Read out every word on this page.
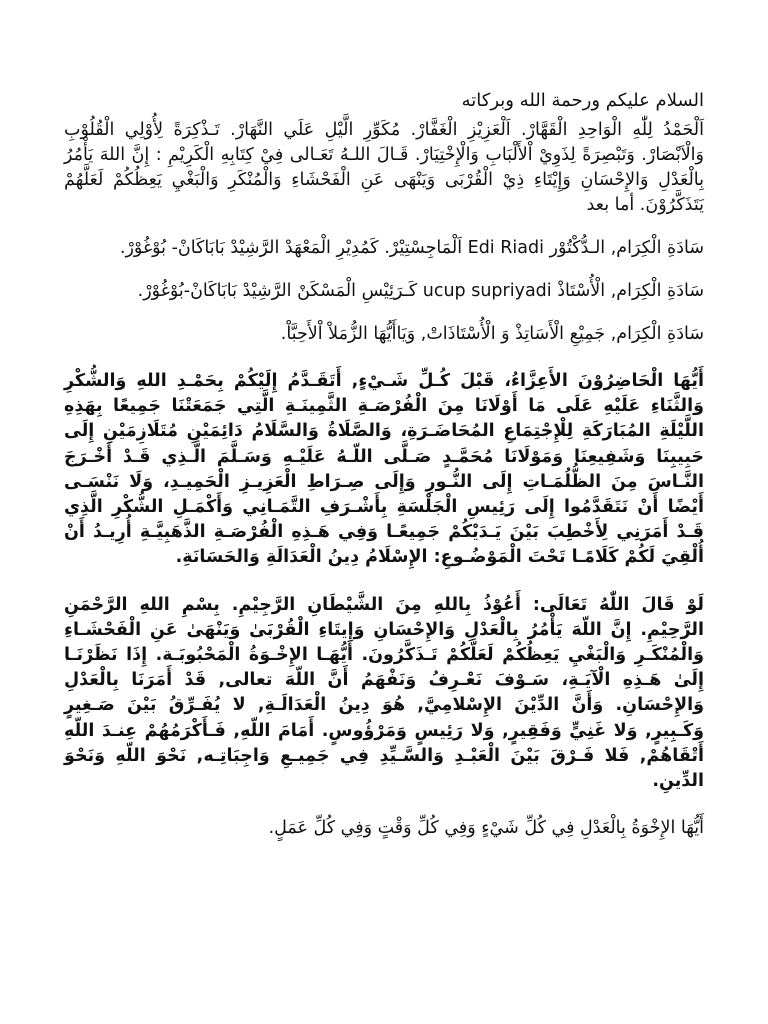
السلام عليكم ورحمة الله وبركاته

اَلْحَمْدُ لِلّٰهِ الْوَاحِدِ الْقَهَّارْ. اَلْعَزِيْزِ الْغَفَّارْ. مُكَوِّرِ الَّيْلِ عَلَي النَّهَارْ. تَـذْكِرَةً لِأُوْلِي الْقُلُوْبِ وَالْاَبْصَارْ. وَتَبْصِرَةً لِذَوِيْ اْلأَلْبَابِ وَالْإِخْتِيَارْ. قَـالَ اللـهُ تَعَـالى فِيْ كِتَابِهِ الْكَرِيْمِ : إِنَّ اللهَ يَأْمُرُ بِالْعَدْلِ وَالإِحْسَانِ وَإِيْتَاءِ ذِيْ الْقُرْبَى وَيَنْهَى عَنِ الْفَحْشَاءِ وَالْمُنْكَرِ وَالْبَغْيِ يَعِظُكُمْ لَعَلَّهُمْ يَتَذَكَّرُوْنَ. أما بعد

سَادَةِ الْكِرَام, الـدُّكْتُوْر Edi Riadi اَلْمَاجِسْتِيْرْ. كَمُدِيْرِ الْمَعْهَدْ الرَّشِيْدْ بَابَاكَانْ- بُوْغُوْرْ.

سَادَةِ الْكِرَام, الْأُسْتَاذْ ucup supriyadi كَـرَئِيْسِ الْمَسْكَنْ الرَّشِيْدْ بَابَاكَانْ-بُوْغُوْرْ.

سَادَةِ الْكِرَام, جَمِيْعِ الْأَسَاتِذْ وَ الْأُسْتَاذَاتْ, وَيَاأَيُّهَا الزُّمَلاْ اْلأَحِبَّاْ.

أَيُّهَا الْحَاضِرُوْنَ الأَعِزَّاءُ، قَبْلَ كُـلِّ شَـيْءٍ, أَتَقَـدَّمُ إِلَيْكُمْ بِحَمْـدِ اللهِ وَالشُّكْرِ وَالثَّنَاءِ عَلَيْهِ عَلَى مَا أَوْلَانَا مِنَ الْفُرْصَـةِ الثَّمِينَـةِ الَّتِي جَمَعَتْنَا جَمِيعًا بِهَذِهِ اللَّيْلَةِ المُبَارَكَةِ لِلْإِجْتِمَاعِ المُحَاضَـرَةِ، وَالصَّلَاةُ وَالسَّلَامُ دَائِمَيْنِ مُتَلَازِمَيْنِ إِلَى حَبِيبِنَا وَشَفِيعِنَا وَمَوْلَانَا مُحَمَّـدٍ صَـلَّى اللّـهُ عَلَيْـهِ وَسَـلَّمَ الَّـذِي قَـدْ أَخْـرَجَ النَّـاسَ مِنَ الظُّلُمَـاتِ إِلَى النُّـورِ وَإِلَى صِـرَاطِ الْعَزِيـزِ الْحَمِيـدِ، وَلَا نَنْسَـى أَيْضًا أَنْ نَتَقَدَّمُوا إِلَى رَئِيسِ الْجَلْسَةِ بِأَشْـرَفِ التَّمَـانِي وَأَكْمَـلِ الشُّكْرِ الَّذِي قَـدْ أَمَرَنِي لِأَخْطِبَ بَيْنَ يَـدَيْكُمْ جَمِيعًـا وَفِي هَـذِهِ الْفُرْصَـةِ الذَّهَبِيَّـةِ أُرِيـدُ أَنْ أُلْقِيَ لَكُمْ كَلَامًـا تَحْتَ الْمَوْضُـوعِ: الإِسْلَامُ دِينُ الْعَدَالَةِ وَالحَسَانَةِ.

لَوْ قَالَ اللّٰهُ تَعَالَى: أَعُوْذُ بِاللهِ مِنَ الشَّيْطَانِ الرَّجِيْمِ. بِسْمِ اللهِ الرَّحْمَنِ الرَّحِيْمِ. إِنَّ اللّهَ يَأْمُرُ بِالْعَدْلِ وَالإِحْسَانِ وَإِيتَاءِ الْقُرْبَىٰ وَيَنْهَىٰ عَنِ الْفَحْشَـاءِ وَالْمُنْكَـرِ وَالْبَغْيِ يَعِظُكُمْ لَعَلَّكُمْ تَـذَكَّرُونَ. أَيُّهَـا الإِخْـوَةُ الْمَحْبُوبَـة. إِذَا نَظَرْنَـا إِلَىٰ هَـذِهِ الْآيَـةِ، سَـوْفَ نَعْـرِفُ وَنَفْهَمُ أَنَّ اللّهَ تعالى, قَدْ أَمَرَنَا بِالْعَدْلِ وَالإِحْسَانِ. وَأَنَّ الدِّيْنَ الإِسْلامِيَّ, هُوَ دِينُ الْعَدَالَـةِ, لا يُفَـرِّقُ بَيْنَ صَـغِيرٍ وَكَـبِيرٍ, وَلا غَنِيٍّ وَفَقِيرٍ, وَلا رَئِيسٍ وَمَرْؤُوسٍ. أَمَامَ اللّهِ, فَـأَكْرَمُهُمْ عِنـدَ اللّهِ أَتْقَاهُمْ, فَلا فَـرْقَ بَيْنَ الْعَبْـدِ وَالسَّـيِّدِ فِي جَمِيـعِ وَاجِبَاتِـه, نَحْوَ اللّهِ وَنَحْوَ الدِّينِ.

أَيُّهَا الإِخْوَةُ بِالْعَدْلِ فِي كُلِّ شَيْءٍ وَفِي كُلِّ وَقْتٍ وَفِي كُلِّ عَمَلٍ.
